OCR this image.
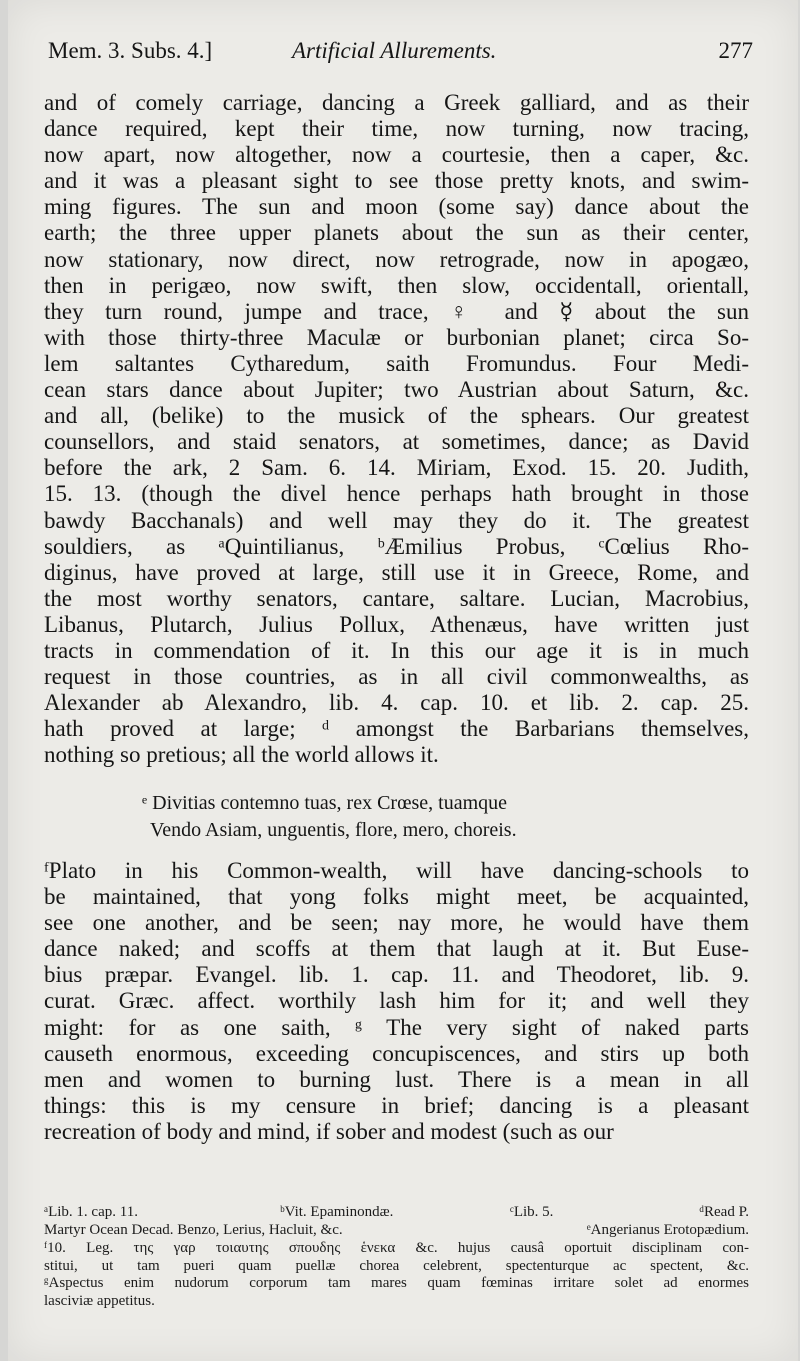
Mem. 3. Subs. 4.]	Artificial Allurements.	277
and of comely carriage, dancing a Greek galliard, and as their
dance required, kept their time, now turning, now tracing,
now apart, now altogether, now a courtesie, then a caper, &c.
and it was a pleasant sight to see those pretty knots, and swim-
ming figures. The sun and moon (some say) dance about the
earth; the three upper planets about the sun as their center,
now stationary, now direct, now retrograde, now in apogæo,
then in perigæo, now swift, then slow, occidentall, orientall,
they turn round, jumpe and trace, ♀ and ☿ about the sun
with those thirty-three Maculæ or burbonian planet; circa So-
lem saltantes Cytharedum, saith Fromundus. Four Medi-
cean stars dance about Jupiter; two Austrian about Saturn, &c.
and all, (belike) to the musick of the sphears. Our greatest
counsellors, and staid senators, at sometimes, dance; as David
before the ark, 2 Sam. 6. 14. Miriam, Exod. 15. 20. Judith,
15. 13. (though the divel hence perhaps hath brought in those
bawdy Bacchanals) and well may they do it. The greatest
souldiers, as ᵃQuintilianus, ᵇÆmilius Probus, ᶜCœlius Rho-
diginus, have proved at large, still use it in Greece, Rome, and
the most worthy senators, cantare, saltare. Lucian, Macrobius,
Libanus, Plutarch, Julius Pollux, Athenæus, have written just
tracts in commendation of it. In this our age it is in much
request in those countries, as in all civil commonwealths, as
Alexander ab Alexandro, lib. 4. cap. 10. et lib. 2. cap. 25.
hath proved at large; ᵈ amongst the Barbarians themselves,
nothing so pretious; all the world allows it.
ᵉ Divitias contemno tuas, rex Crœse, tuamque
Vendo Asiam, unguentis, flore, mero, choreis.
ᶠPlato in his Common-wealth, will have dancing-schools to
be maintained, that yong folks might meet, be acquainted,
see one another, and be seen; nay more, he would have them
dance naked; and scoffs at them that laugh at it. But Euse-
bius præpar. Evangel. lib. 1. cap. 11. and Theodoret, lib. 9.
curat. Græc. affect. worthily lash him for it; and well they
might: for as one saith, ᵍ The very sight of naked parts
causeth enormous, exceeding concupiscences, and stirs up both
men and women to burning lust. There is a mean in all
things: this is my censure in brief; dancing is a pleasant
recreation of body and mind, if sober and modest (such as our
ᵃLib. 1. cap. 11.	ᵇVit. Epaminondæ.	ᶜLib. 5.	ᵈRead P.
Martyr Ocean Decad. Benzo, Lerius, Hacluit, &c.	ᵉAngerianus Erotopædium.
ᶠ10. Leg. της γαρ τοιαυτης σπουδης ἑνεκα &c. hujus causâ oportuit disciplinam con-
stitui, ut tam pueri quam puellæ chorea celebrent, spectenturque ac spectent, &c.
ᵍAspectus enim nudorum corporum tam mares quam fœminas irritare solet ad enormes
lasciviæ appetitus.
